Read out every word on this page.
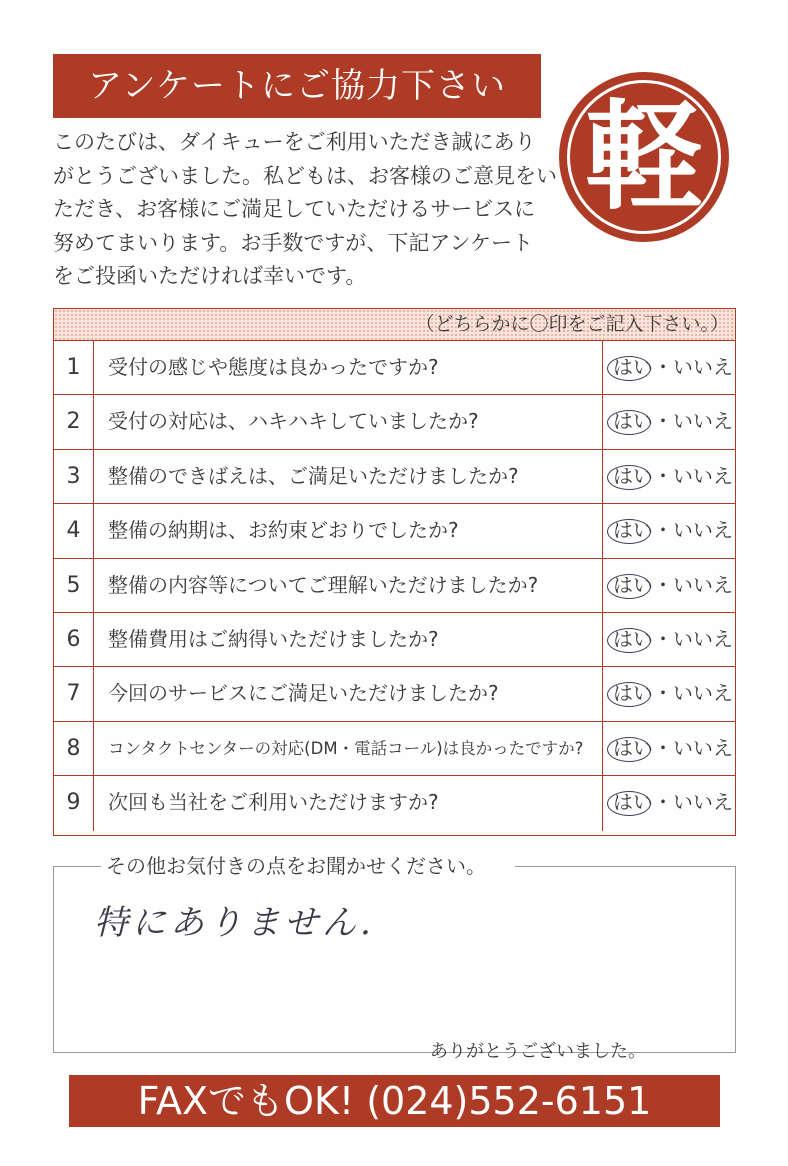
アンケートにご協力下さい
軽
このたびは、ダイキューをご利用いただき誠にあり
がとうございました。私どもは、お客様のご意見をい
ただき、お客様にご満足していただけるサービスに
努めてまいります。お手数ですが、下記アンケート
をご投函いただければ幸いです。
（どちらかに〇印をご記入下さい。）
1	受付の感じや態度は良かったですか?	はい・いいえ
2	受付の対応は、ハキハキしていましたか?	はい・いいえ
3	整備のできばえは、ご満足いただけましたか?	はい・いいえ
4	整備の納期は、お約束どおりでしたか?	はい・いいえ
5	整備の内容等についてご理解いただけましたか?	はい・いいえ
6	整備費用はご納得いただけましたか?	はい・いいえ
7	今回のサービスにご満足いただけましたか?	はい・いいえ
8	コンタクトセンターの対応(DM・電話コール)は良かったですか?	はい・いいえ
9	次回も当社をご利用いただけますか?	はい・いいえ
その他お気付きの点をお聞かせください。
特にありません.
ありがとうございました。
FAXでもOK! (024)552-6151
